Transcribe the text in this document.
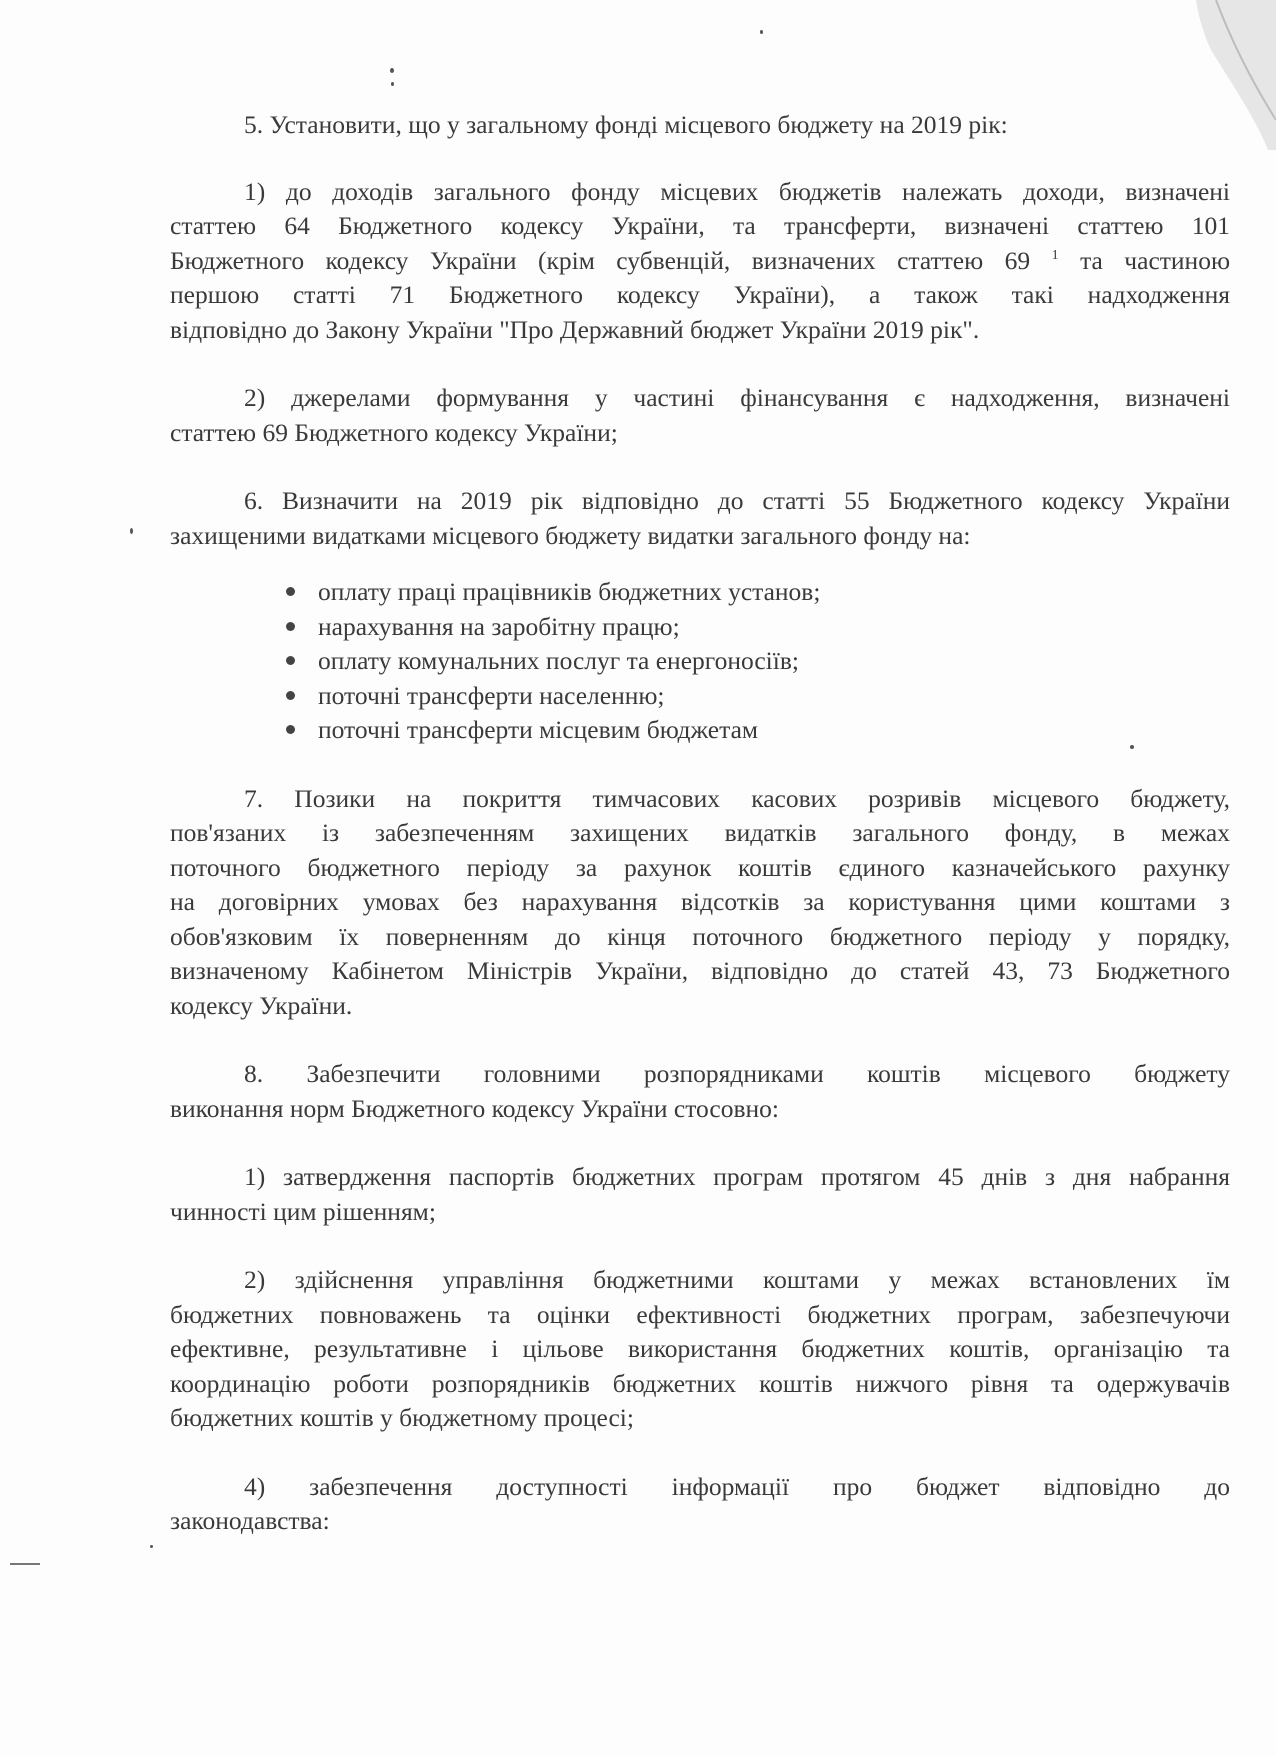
5. Установити, що у загальному фонді місцевого бюджету на 2019 рік:

1) до доходів загального фонду місцевих бюджетів належать доходи, визначені
статтею 64 Бюджетного кодексу України, та трансферти, визначені статтею 101
Бюджетного кодексу України (крім субвенцій, визначених статтею 69 $^1$ та частиною
першою статті 71 Бюджетного кодексу України), а також такі надходження
відповідно до Закону України "Про Державний бюджет України 2019 рік".
2) джерелами формування у частині фінансування є надходження, визначені
статтею 69 Бюджетного кодексу України;
6. Визначити на 2019 рік відповідно до статті 55 Бюджетного кодексу України
захищеними видатками місцевого бюджету видатки загального фонду на:
оплату праці працівників бюджетних установ;
нарахування на заробітну працю;
оплату комунальних послуг та енергоносіїв;
поточні трансферти населенню;
поточні трансферти місцевим бюджетам
7. Позики на покриття тимчасових касових розривів місцевого бюджету,
пов'язаних із забезпеченням захищених видатків загального фонду, в межах
поточного бюджетного періоду за рахунок коштів єдиного казначейського рахунку
на договірних умовах без нарахування відсотків за користування цими коштами з
обов'язковим їх поверненням до кінця поточного бюджетного періоду у порядку,
визначеному Кабінетом Міністрів України, відповідно до статей 43, 73 Бюджетного
кодексу України.
8. Забезпечити головними розпорядниками коштів місцевого бюджету
виконання норм Бюджетного кодексу України стосовно:
1) затвердження паспортів бюджетних програм протягом 45 днів з дня набрання
чинності цим рішенням;
2) здійснення управління бюджетними коштами у межах встановлених їм
бюджетних повноважень та оцінки ефективності бюджетних програм, забезпечуючи
ефективне, результативне і цільове використання бюджетних коштів, організацію та
координацію роботи розпорядників бюджетних коштів нижчого рівня та одержувачів
бюджетних коштів у бюджетному процесі;
4) забезпечення доступності інформації про бюджет відповідно до
законодавства:
